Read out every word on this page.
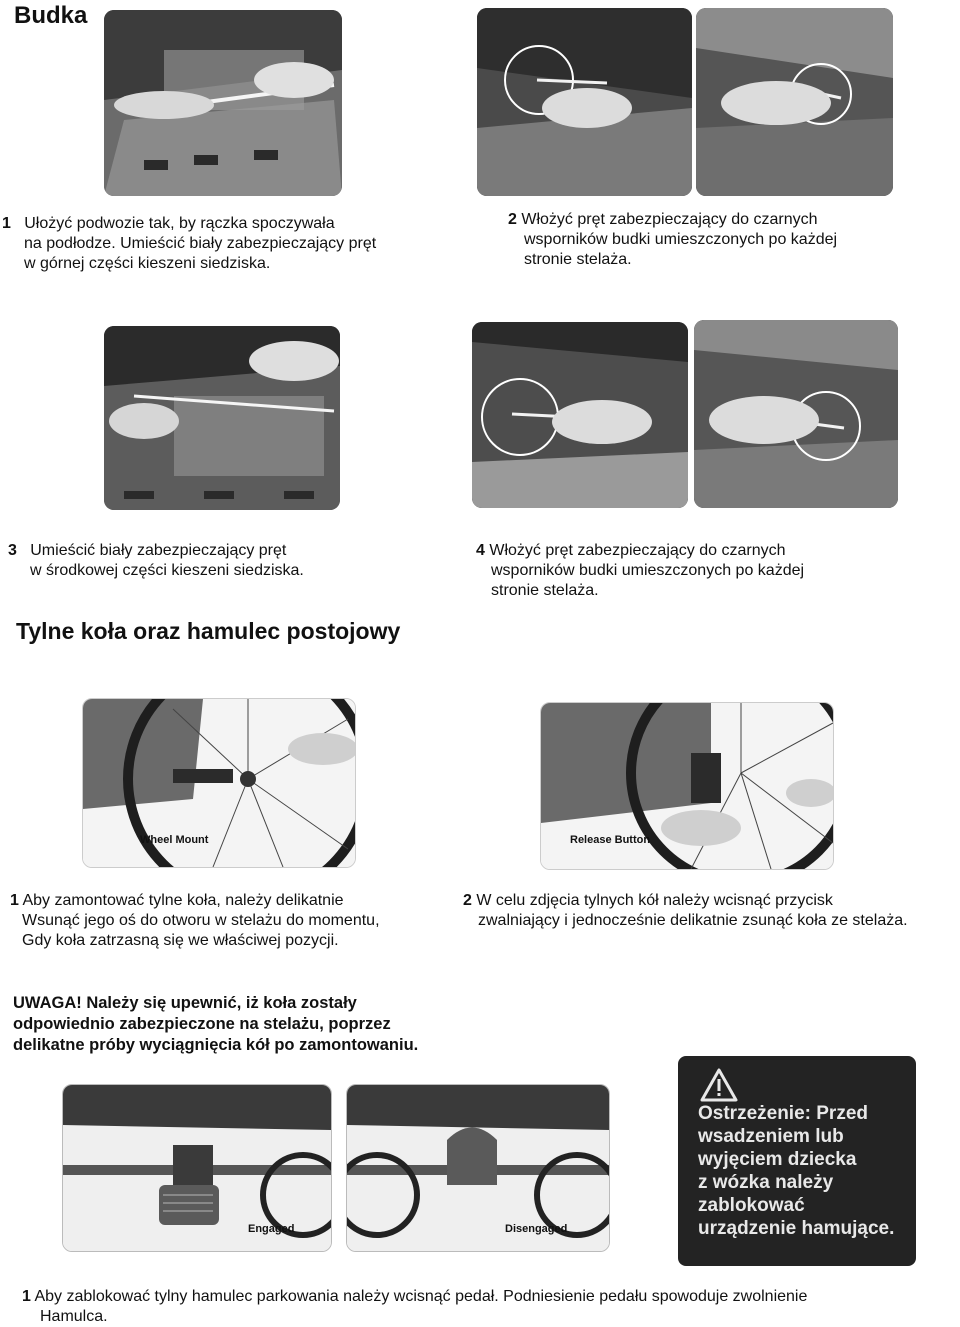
Budka
1 Ułożyć podwozie tak, by rączka spoczywała
na podłodze. Umieścić biały zabezpieczający pręt
w górnej części kieszeni siedziska.
2 Włożyć pręt zabezpieczający do czarnych
wsporników budki umieszczonych po każdej
stronie stelaża.
3 Umieścić biały zabezpieczający pręt
w środkowej części kieszeni siedziska.
4 Włożyć pręt zabezpieczający do czarnych
wsporników budki umieszczonych po każdej
stronie stelaża.
Tylne koła oraz hamulec postojowy
Wheel Mount	Release Button
1 Aby zamontować tylne koła, należy delikatnie
Wsunąć jego oś do otworu w stelażu do momentu,
Gdy koła zatrzasną się we właściwej pozycji.
2 W celu zdjęcia tylnych kół należy wcisnąć przycisk
zwalniający i jednocześnie delikatnie zsunąć koła ze stelaża.
UWAGA! Należy się upewnić, iż koła zostały
odpowiednio zabezpieczone na stelażu, poprzez
delikatne próby wyciągnięcia kół po zamontowaniu.
Engaged	Disengaged
Ostrzeżenie: Przed
wsadzeniem lub
wyjęciem dziecka
z wózka należy
zablokować
urządzenie hamujące.
1 Aby zablokować tylny hamulec parkowania należy wcisnąć pedał. Podniesienie pedału spowoduje zwolnienie
Hamulca.
